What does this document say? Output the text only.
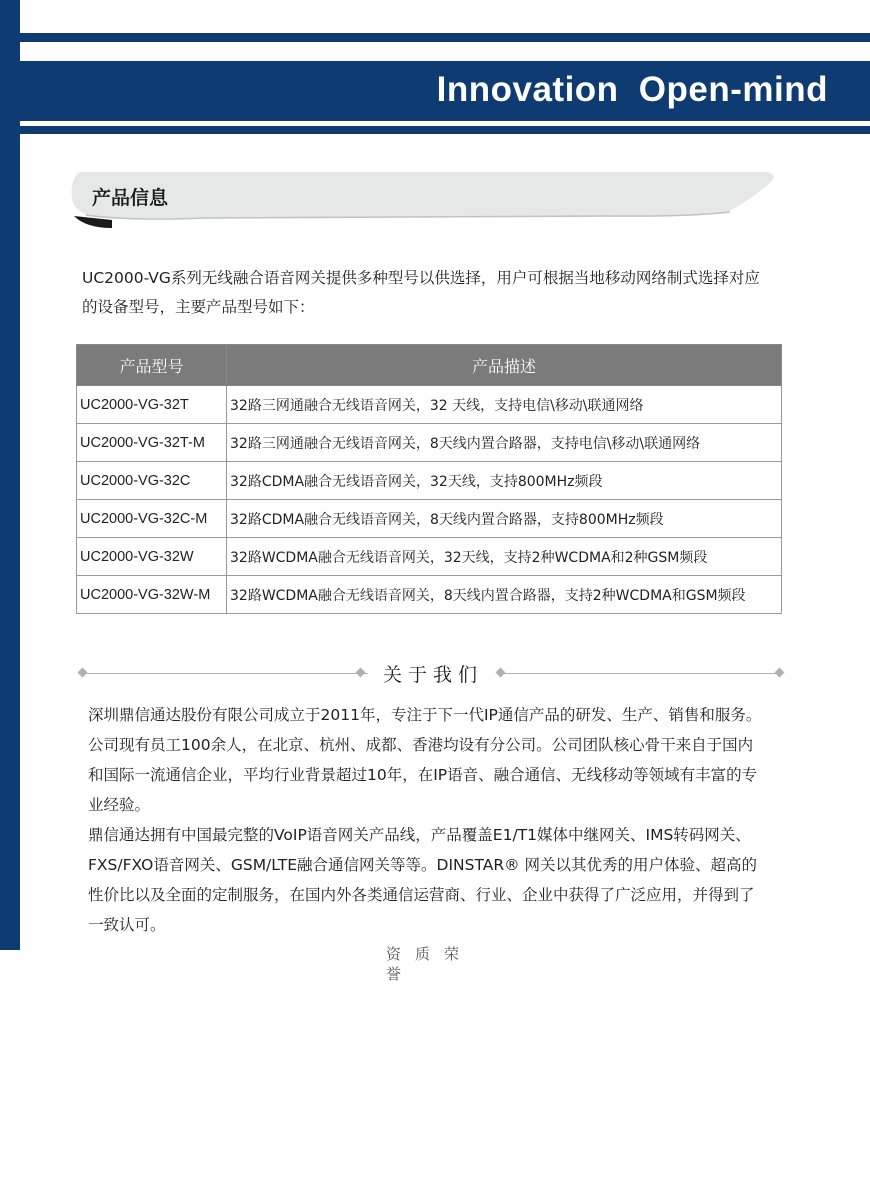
Innovation Open-mind
产品信息
UC2000-VG系列无线融合语音网关提供多种型号以供选择，用户可根据当地移动网络制式选择对应的设备型号，主要产品型号如下：
产品型号	产品描述
UC2000-VG-32T	32路三网通融合无线语音网关，32 天线，支持电信\移动\联通网络
UC2000-VG-32T-M	32路三网通融合无线语音网关，8天线内置合路器，支持电信\移动\联通网络
UC2000-VG-32C	32路CDMA融合无线语音网关，32天线，支持800MHz频段
UC2000-VG-32C-M	32路CDMA融合无线语音网关，8天线内置合路器，支持800MHz频段
UC2000-VG-32W	32路WCDMA融合无线语音网关，32天线，支持2种WCDMA和2种GSM频段
UC2000-VG-32W-M	32路WCDMA融合无线语音网关，8天线内置合路器，支持2种WCDMA和GSM频段
关于我们

深圳鼎信通达股份有限公司成立于2011年，专注于下一代IP通信产品的研发、生产、销售和服务。公司现有员工100余人，在北京、杭州、成都、香港均设有分公司。公司团队核心骨干来自于国内和国际一流通信企业，平均行业背景超过10年，在IP语音、融合通信、无线移动等领域有丰富的专业经验。

鼎信通达拥有中国最完整的VoIP语音网关产品线，产品覆盖E1/T1媒体中继网关、IMS转码网关、FXS/FXO语音网关、GSM/LTE融合通信网关等等。DINSTAR® 网关以其优秀的用户体验、超高的性价比以及全面的定制服务，在国内外各类通信运营商、行业、企业中获得了广泛应用，并得到了一致认可。

资质荣誉
